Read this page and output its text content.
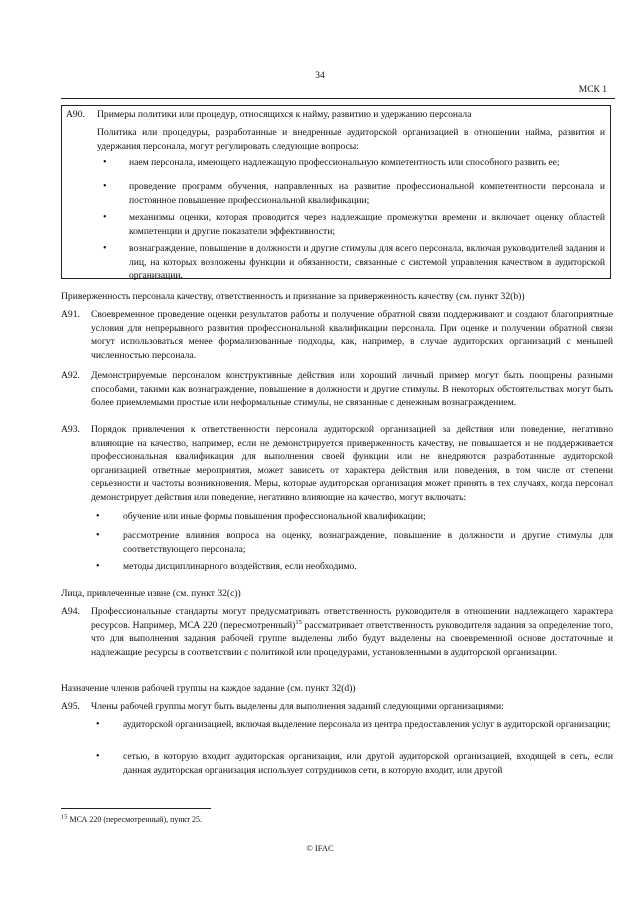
34
МСК 1
A90. Примеры политики или процедур, относящихся к найму, развитию и удержанию персонала
Политика или процедуры, разработанные и внедренные аудиторской организацией в отношении найма, развития и удержания персонала, могут регулировать следующие вопросы:
• наем персонала, имеющего надлежащую профессиональную компетентность или способного развить ее;
• проведение программ обучения, направленных на развитие профессиональной компетентности персонала и постоянное повышение профессиональной квалификации;
• механизмы оценки, которая проводится через надлежащие промежутки времени и включает оценку областей компетенции и другие показатели эффективности;
• вознаграждение, повышение в должности и другие стимулы для всего персонала, включая руководителей задания и лиц, на которых возложены функции и обязанности, связанные с системой управления качеством в аудиторской организации.
Приверженность персонала качеству, ответственность и признание за приверженность качеству (см. пункт 32(b))
A91. Своевременное проведение оценки результатов работы и получение обратной связи поддерживают и создают благоприятные условия для непрерывного развития профессиональной квалификации персонала. При оценке и получении обратной связи могут использоваться менее формализованные подходы, как, например, в случае аудиторских организаций с меньшей численностью персонала.
A92. Демонстрируемые персоналом конструктивные действия или хороший личный пример могут быть поощрены разными способами, такими как вознаграждение, повышение в должности и другие стимулы. В некоторых обстоятельствах могут быть более приемлемыми простые или неформальные стимулы, не связанные с денежным вознаграждением.
A93. Порядок привлечения к ответственности персонала аудиторской организацией за действия или поведение, негативно влияющие на качество, например, если не демонстрируется приверженность качеству, не повышается и не поддерживается профессиональная квалификация для выполнения своей функции или не внедряются разработанные аудиторской организацией ответные мероприятия, может зависеть от характера действия или поведения, в том числе от степени серьезности и частоты возникновения. Меры, которые аудиторская организация может принять в тех случаях, когда персонал демонстрирует действия или поведение, негативно влияющие на качество, могут включать:
• обучение или иные формы повышения профессиональной квалификации;
• рассмотрение влияния вопроса на оценку, вознаграждение, повышение в должности и другие стимулы для соответствующего персонала;
• методы дисциплинарного воздействия, если необходимо.
Лица, привлеченные извне (см. пункт 32(c))
A94. Профессиональные стандарты могут предусматривать ответственность руководителя в отношении надлежащего характера ресурсов. Например, МСА 220 (пересмотренный)$^{15}$ рассматривает ответственность руководителя задания за определение того, что для выполнения задания рабочей группе выделены либо будут выделены на своевременной основе достаточные и надлежащие ресурсы в соответствии с политикой или процедурами, установленными в аудиторской организации.
Назначение членов рабочей группы на каждое задание (см. пункт 32(d))
A95. Члены рабочей группы могут быть выделены для выполнения заданий следующими организациями:
• аудиторской организацией, включая выделение персонала из центра предоставления услуг в аудиторской организации;
• сетью, в которую входит аудиторская организация, или другой аудиторской организацией, входящей в сеть, если данная аудиторская организация использует сотрудников сети, в которую входит, или другой
$^{15}$ МСА 220 (пересмотренный), пункт 25.
© IFAC
